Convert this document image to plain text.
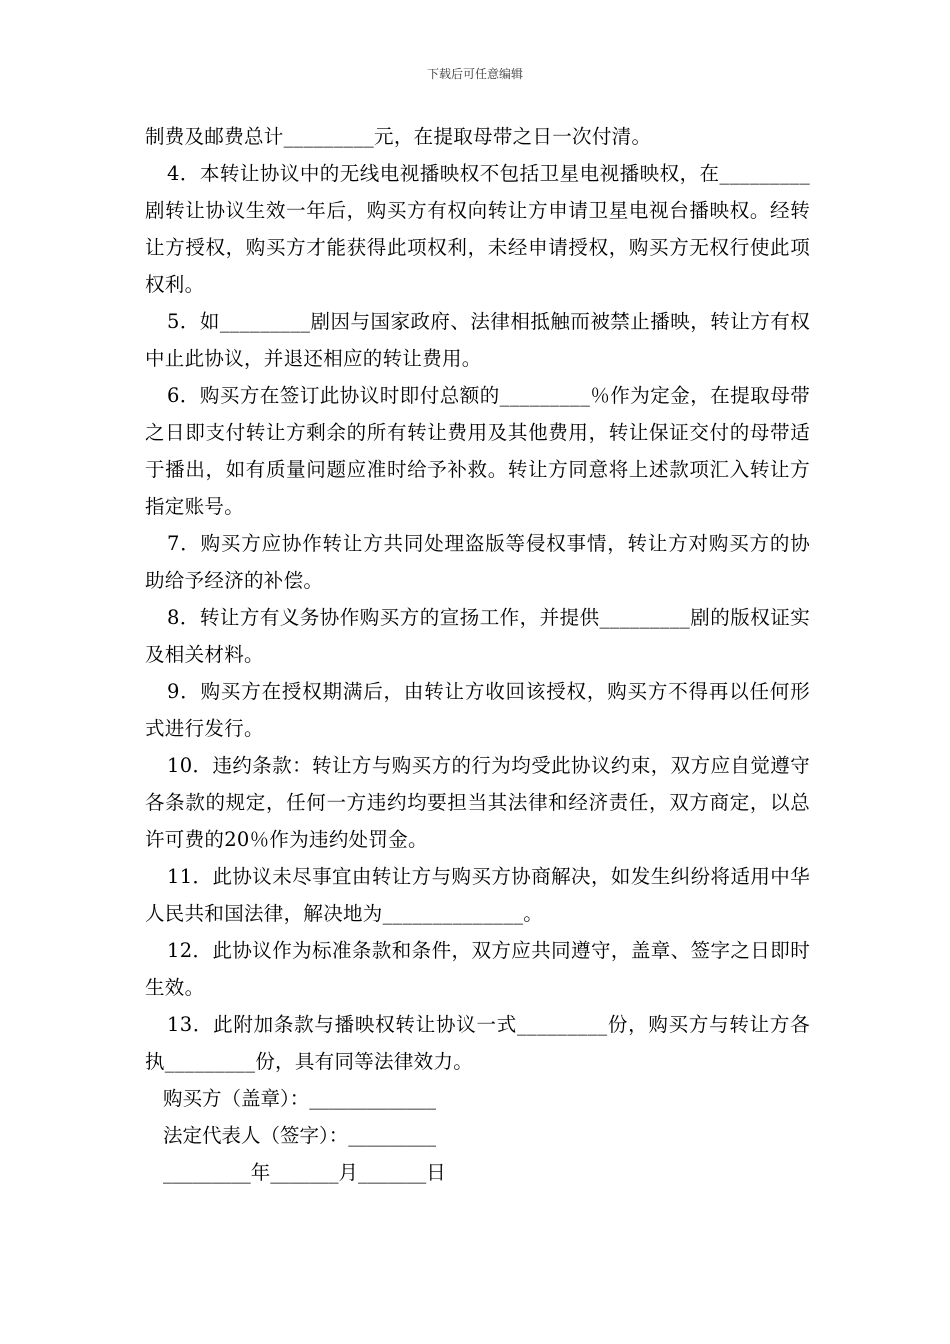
下载后可任意编辑

制费及邮费总计_________元，在提取母带之日一次付清。

4．本转让协议中的无线电视播映权不包括卫星电视播映权，在_________剧转让协议生效一年后，购买方有权向转让方申请卫星电视台播映权。经转让方授权，购买方才能获得此项权利，未经申请授权，购买方无权行使此项权利。

5．如_________剧因与国家政府、法律相抵触而被禁止播映，转让方有权中止此协议，并退还相应的转让费用。

6．购买方在签订此协议时即付总额的_________％作为定金，在提取母带之日即支付转让方剩余的所有转让费用及其他费用，转让保证交付的母带适于播出，如有质量问题应准时给予补救。转让方同意将上述款项汇入转让方指定账号。

7．购买方应协作转让方共同处理盗版等侵权事情，转让方对购买方的协助给予经济的补偿。

8．转让方有义务协作购买方的宣扬工作，并提供_________剧的版权证实及相关材料。

9．购买方在授权期满后，由转让方收回该授权，购买方不得再以任何形式进行发行。

10．违约条款：转让方与购买方的行为均受此协议约束，双方应自觉遵守各条款的规定，任何一方违约均要担当其法律和经济责任，双方商定，以总许可费的20％作为违约处罚金。

11．此协议未尽事宜由转让方与购买方协商解决，如发生纠纷将适用中华人民共和国法律，解决地为______________。

12．此协议作为标准条款和条件，双方应共同遵守，盖章、签字之日即时生效。

13．此附加条款与播映权转让协议一式_________份，购买方与转让方各执_________份，具有同等法律效力。

购买方（盖章）：_____________

法定代表人（签字）：_________

_________年_______月_______日
